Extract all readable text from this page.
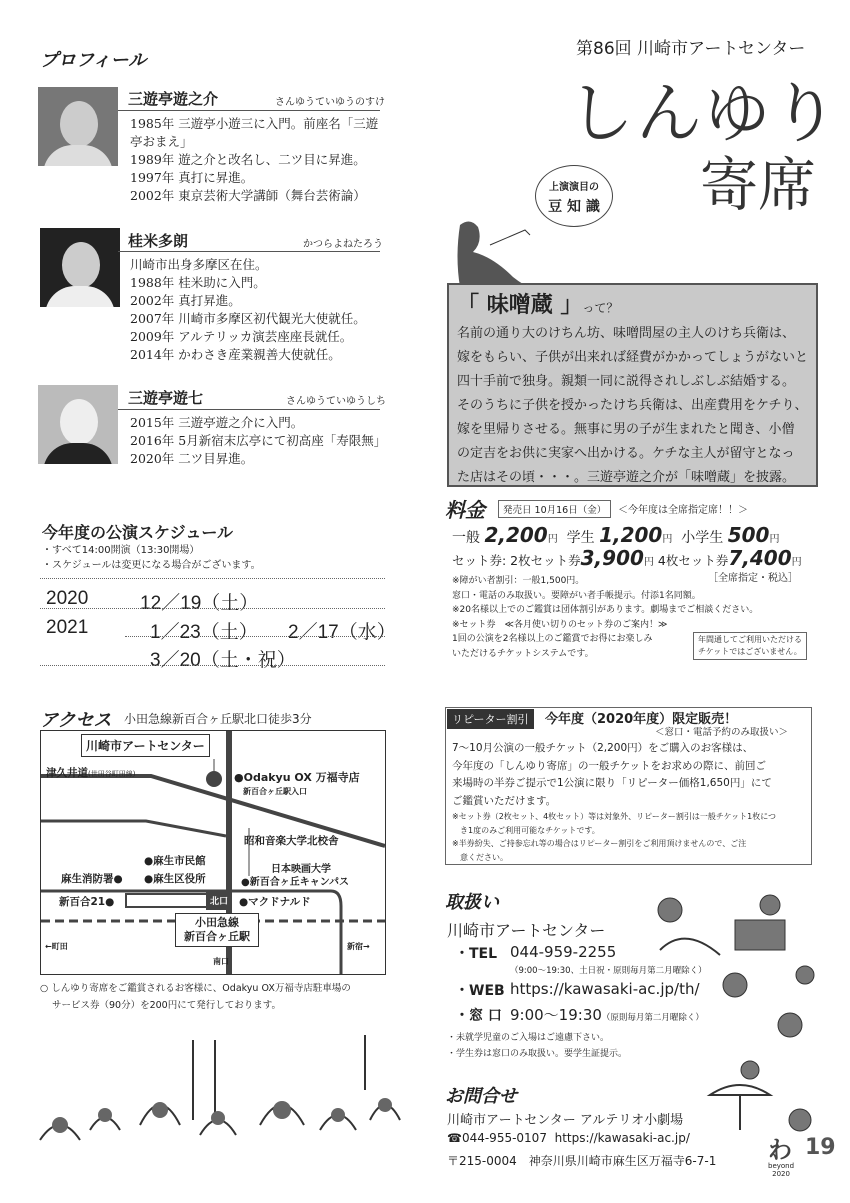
プロフィール
三遊亭遊之介	さんゆうていゆうのすけ
1985年 三遊亭小遊三に入門。前座名「三遊
亭おまえ」
1989年 遊之介と改名し、二ツ目に昇進。
1997年 真打に昇進。
2002年 東京芸術大学講師（舞台芸術論）
桂米多朗	かつらよねたろう
川崎市出身多摩区在住。
1988年 桂米助に入門。
2002年 真打昇進。
2007年 川崎市多摩区初代観光大使就任。
2009年 アルテリッカ演芸座座長就任。
2014年 かわさき産業親善大使就任。
三遊亭遊七	さんゆうていゆうしち
2015年 三遊亭遊之介に入門。
2016年 5月新宿末広亭にて初高座「寿限無」
2020年 二ツ目昇進。
今年度の公演スケジュール
・すべて14:00開演（13:30開場）
・スケジュールは変更になる場合がございます。
2020	12／19（土）
2021	1／23（土） 2／17（水）
3／20（土・祝）
アクセス 小田急線新百合ヶ丘駅北口徒歩3分
川崎市アートセンター
津久井道(世田谷町田線)	●Odakyu OX 万福寺店
新百合ヶ丘駅入口
昭和音楽大学北校舎
●麻生市民館
麻生消防署● ●麻生区役所
日本映画大学
●新百合ヶ丘キャンパス
新百合21●	北口	●マクドナルド
小田急線
新百合ヶ丘駅
南口
←町田	新宿→
○ しんゆり寄席をご鑑賞されるお客様に、Odakyu OX万福寺店駐車場の
サービス券（90分）を200円にて発行しております。
第86回 川崎市アートセンター
しんゆり
寄席
上演演目の
豆 知 識
「 味噌蔵 」って？
名前の通り大のけちん坊、味噌問屋の主人のけち兵衛は、
嫁をもらい、子供が出来れば経費がかかってしょうがないと
四十手前で独身。親類一同に説得されしぶしぶ結婚する。
そのうちに子供を授かったけち兵衛は、出産費用をケチり、
嫁を里帰りさせる。無事に男の子が生まれたと聞き、小僧
の定吉をお供に実家へ出かける。ケチな主人が留守となっ
た店はその頃・・・。三遊亭遊之介が「味噌蔵」を披露。
料金	発売日 10月16日（金）	＜今年度は全席指定席！！＞
一般 2,200円 学生 1,200円 小学生 500円
セット券: 2枚セット券3,900円 4枚セット券7,400円
［全席指定・税込］
※障がい者割引：一般1,500円。
窓口・電話のみ取扱い。要障がい者手帳提示。付添1名同額。
※20名様以上でのご鑑賞は団体割引があります。劇場までご相談ください。
※セット券　≪各月使い切りのセット券のご案内！≫
1回の公演を2名様以上のご鑑賞でお得にお楽しみ
いただけるチケットシステムです。
年間通してご利用いただける
チケットではございません。
リピーター割引	今年度（2020年度）限定販売！
＜窓口・電話予約のみ取扱い＞
7～10月公演の一般チケット（2,200円）をご購入のお客様は、
今年度の「しんゆり寄席」の一般チケットをお求めの際に、前回ご
来場時の半券ご提示で1公演に限り「リピーター価格1,650円」にて
ご鑑賞いただけます。
※セット券（2枚セット、4枚セット）等は対象外、リピーター割引は一般チケット1枚につ
　き1度のみご利用可能なチケットです。
※半券紛失、ご持参忘れ等の場合はリピーター割引をご利用頂けませんので、ご注
　意ください。
取扱い
川崎市アートセンター
・TEL 044-959-2255
（9:00～19:30、土日祝・原則毎月第二月曜除く）
・WEB https://kawasaki-ac.jp/th/
・窓 口 9:00～19:30（原則毎月第二月曜除く）
・未就学児童のご入場はご遠慮下さい。
・学生券は窓口のみ取扱い。要学生証提示。
お問合せ
川崎市アートセンター アルテリオ小劇場
☎044-955-0107 https://kawasaki-ac.jp/
〒215-0004　神奈川県川崎市麻生区万福寺6-7-1 わ
beyond
2020
19
